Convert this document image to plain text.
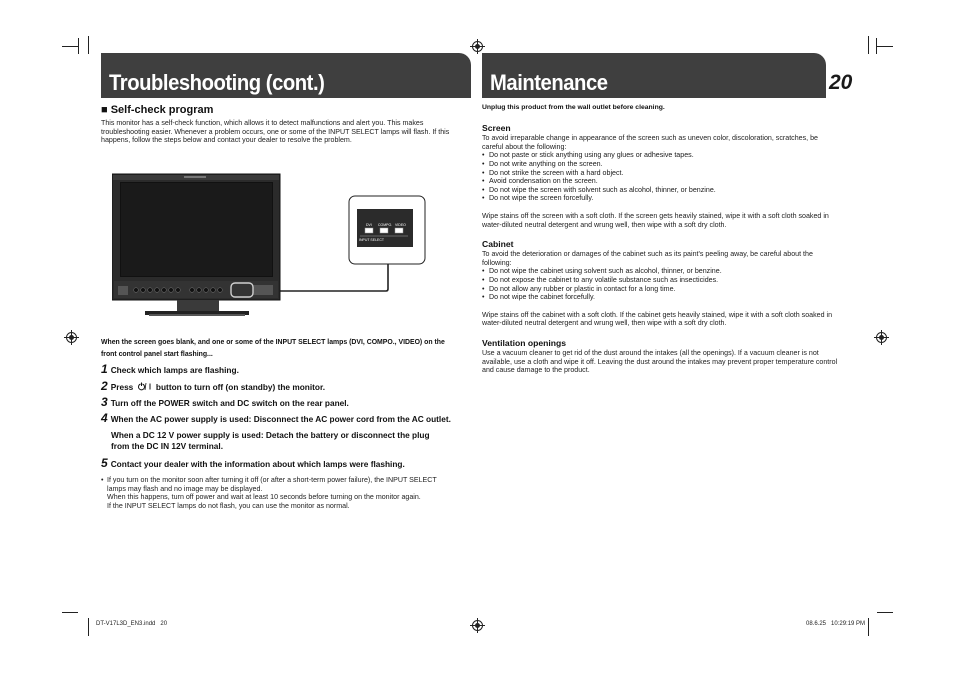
Troubleshooting (cont.)
■ Self-check program
This monitor has a self-check function, which allows it to detect malfunctions and alert you. This makes
troubleshooting easier. Whenever a problem occurs, one or some of the INPUT SELECT lamps will flash. If this
happens, follow the steps below and contact your dealer to resolve the problem.
DVI COMPO. VIDEO
INPUT SELECT
When the screen goes blank, and one or some of the INPUT SELECT lamps (DVI, COMPO., VIDEO) on the
front control panel start flashing...
1 Check which lamps are flashing.
2 Press	button to turn off (on standby) the monitor.
3 Turn off the POWER switch and DC switch on the rear panel.
4 When the AC power supply is used: Disconnect the AC power cord from the AC outlet.
When a DC 12 V power supply is used: Detach the battery or disconnect the plug
from the DC IN 12V terminal.
5 Contact your dealer with the information about which lamps were flashing.
• If you turn on the monitor soon after turning it off (or after a short-term power failure), the INPUT SELECT
lamps may flash and no image may be displayed.
When this happens, turn off power and wait at least 10 seconds before turning on the monitor again.
If the INPUT SELECT lamps do not flash, you can use the monitor as normal.
DT-V17L3D_EN3.indd   20
Maintenance	20
Unplug this product from the wall outlet before cleaning.
Screen
To avoid irreparable change in appearance of the screen such as uneven color, discoloration, scratches, be
careful about the following:
• Do not paste or stick anything using any glues or adhesive tapes.
• Do not write anything on the screen.
• Do not strike the screen with a hard object.
• Avoid condensation on the screen.
• Do not wipe the screen with solvent such as alcohol, thinner, or benzine.
• Do not wipe the screen forcefully.
Wipe stains off the screen with a soft cloth. If the screen gets heavily stained, wipe it with a soft cloth soaked in
water-diluted neutral detergent and wrung well, then wipe with a soft dry cloth.
Cabinet
To avoid the deterioration or damages of the cabinet such as its paint's peeling away, be careful about the
following:
• Do not wipe the cabinet using solvent such as alcohol, thinner, or benzine.
• Do not expose the cabinet to any volatile substance such as insecticides.
• Do not allow any rubber or plastic in contact for a long time.
• Do not wipe the cabinet forcefully.
Wipe stains off the cabinet with a soft cloth. If the cabinet gets heavily stained, wipe it with a soft cloth soaked in
water-diluted neutral detergent and wrung well, then wipe with a soft dry cloth.
Ventilation openings
Use a vacuum cleaner to get rid of the dust around the intakes (all the openings). If a vacuum cleaner is not
available, use a cloth and wipe it off. Leaving the dust around the intakes may prevent proper temperature control
and cause damage to the product.
08.6.25   10:29:19 PM
